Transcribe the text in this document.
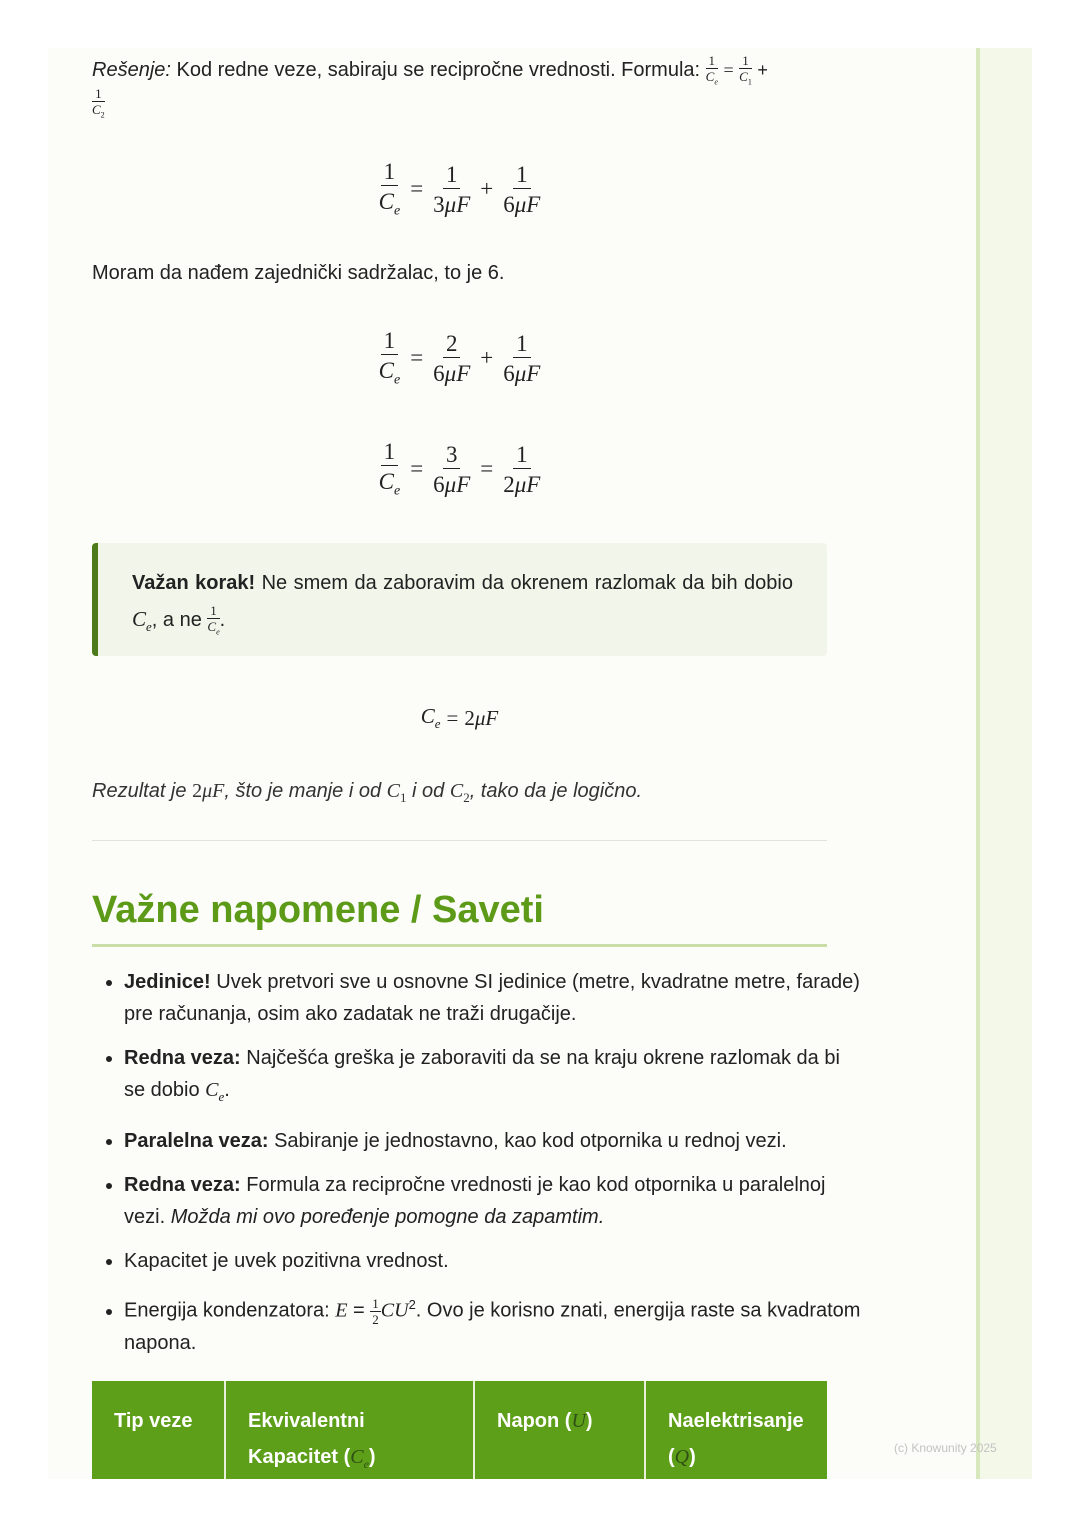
Rešenje: Kod redne veze, sabiraju se recipročne vrednosti. Formula: $\frac{1}{C_e} = \frac{1}{C_1}$ +

$\frac{1}{C_2}$

$\frac{1}{C_e} = \frac{1}{3\mu F} + \frac{1}{6\mu F}$

Moram da nađem zajednički sadržalac, to je 6.

$\frac{1}{C_e} = \frac{2}{6\mu F} + \frac{1}{6\mu F}$
$\frac{1}{C_e} = \frac{3}{6\mu F} = \frac{1}{2\mu F}$
Važan korak! Ne smem da zaboravim da okrenem razlomak da bih dobio $C_e$, a ne $\frac{1}{C_e}$ .
$C_e = 2\mu F$

Rezultat je 2μF, što je manje i od $C_1$ i od $C_2$, tako da je logično.

Važne napomene / Saveti
• Jedinice! Uvek pretvori sve u osnovne SI jedinice (metre, kvadratne metre, farade) pre računanja, osim ako zadatak ne traži drugačije.
• Redna veza: Najčešća greška je zaboraviti da se na kraju okrene razlomak da bi se dobio $C_e$.
• Paralelna veza: Sabiranje je jednostavno, kao kod otpornika u rednoj vezi.
• Redna veza: Formula za recipročne vrednosti je kao kod otpornika u paralelnoj vezi. Možda mi ovo poređenje pomogne da zapamtim.
• Kapacitet je uvek pozitivna vrednost.
• Energija kondenzatora: $E = \frac{1}{2} CU^2$. Ovo je korisno znati, energija raste sa kvadratom napona.
Tip veze	Ekvivalentni Kapacitet $(C_e)$	Napon (U)	Naelektrisanje (Q)	(c) Knowunity 2025
